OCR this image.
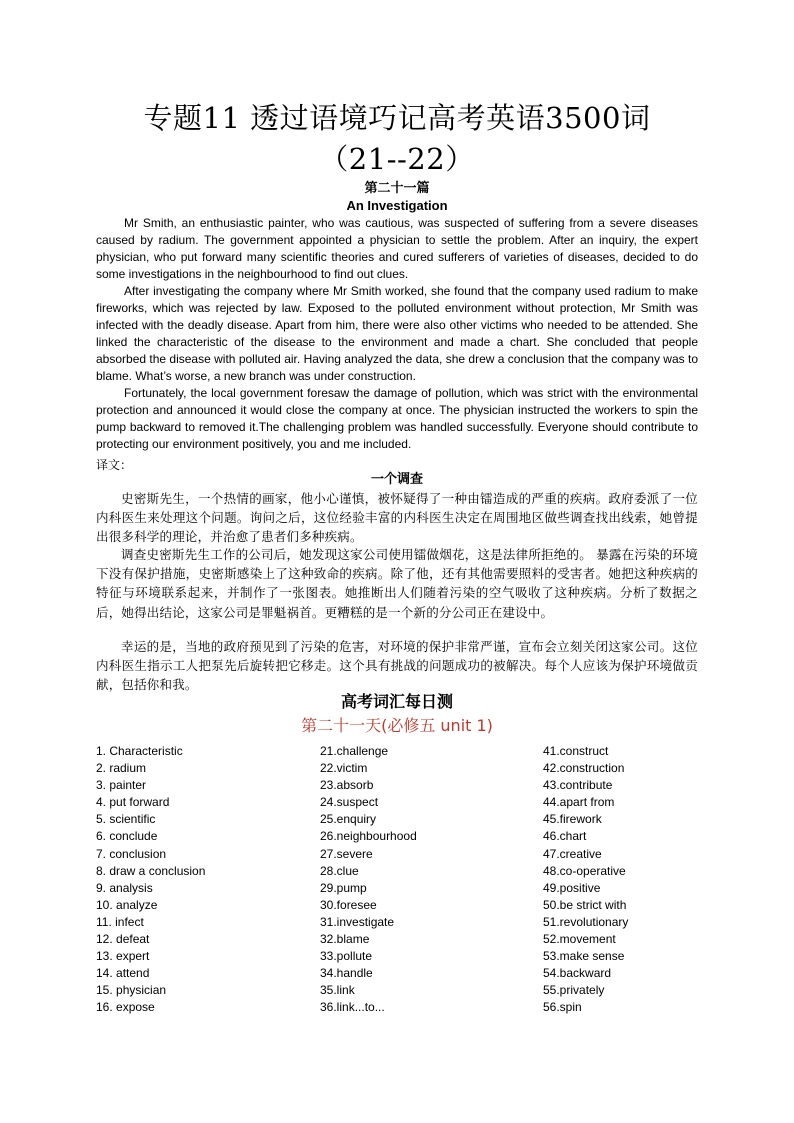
专题11 透过语境巧记高考英语3500词
（21--22）
第二十一篇
An Investigation

Mr Smith, an enthusiastic painter, who was cautious, was suspected of suffering from a severe diseases caused by radium. The government appointed a physician to settle the problem. After an inquiry, the expert physician, who put forward many scientific theories and cured sufferers of varieties of diseases, decided to do some investigations in the neighbourhood to find out clues.

After investigating the company where Mr Smith worked, she found that the company used radium to make fireworks, which was rejected by law. Exposed to the polluted environment without protection, Mr Smith was infected with the deadly disease. Apart from him, there were also other victims who needed to be attended. She linked the characteristic of the disease to the environment and made a chart. She concluded that people absorbed the disease with polluted air. Having analyzed the data, she drew a conclusion that the company was to blame. What’s worse, a new branch was under construction.

Fortunately, the local government foresaw the damage of pollution, which was strict with the environmental protection and announced it would close the company at once. The physician instructed the workers to spin the pump backward to removed it.The challenging problem was handled successfully. Everyone should contribute to protecting our environment positively, you and me included.

译文：
一个调查

史密斯先生，一个热情的画家，他小心谨慎，被怀疑得了一种由镭造成的严重的疾病。政府委派了一位内科医生来处理这个问题。询问之后，这位经验丰富的内科医生决定在周围地区做些调查找出线索，她曾提出很多科学的理论，并治愈了患者们多种疾病。

调查史密斯先生工作的公司后，她发现这家公司使用镭做烟花，这是法律所拒绝的。 暴露在污染的环境下没有保护措施，史密斯感染上了这种致命的疾病。除了他，还有其他需要照料的受害者。她把这种疾病的特征与环境联系起来，并制作了一张图表。她推断出人们随着污染的空气吸收了这种疾病。分析了数据之后，她得出结论，这家公司是罪魁祸首。更糟糕的是一个新的分公司正在建设中。

幸运的是，当地的政府预见到了污染的危害，对环境的保护非常严谨，宣布会立刻关闭这家公司。这位内科医生指示工人把泵先后旋转把它移走。这个具有挑战的问题成功的被解决。每个人应该为保护环境做贡献，包括你和我。

高考词汇每日测
第二十一天(必修五 unit 1)
1. Characteristic
2. radium
3. painter
4. put forward
5. scientific
6. conclude
7. conclusion
8. draw a conclusion
9. analysis
10. analyze
11. infect
12. defeat
13. expert
14. attend
15. physician
16. expose
21.challenge
22.victim
23.absorb
24.suspect
25.enquiry
26.neighbourhood
27.severe
28.clue
29.pump
30.foresee
31.investigate
32.blame
33.pollute
34.handle
35.link
36.link...to...
41.construct
42.construction
43.contribute
44.apart from
45.firework
46.chart
47.creative
48.co-operative
49.positive
50.be strict with
51.revolutionary
52.movement
53.make sense
54.backward
55.privately
56.spin
